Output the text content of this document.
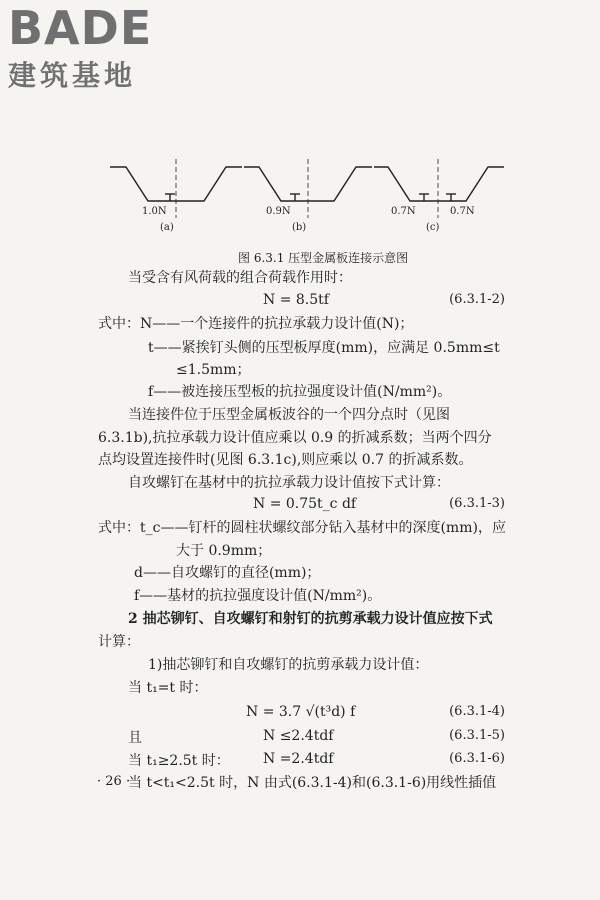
BADE
建筑基地
1.0N	0.9N	0.7N	0.7N
(a)	(b)	(c)
图 6.3.1 压型金属板连接示意图
当受含有风荷载的组合荷载作用时：
N = 8.5tf	(6.3.1-2)
式中：N——一个连接件的抗拉承载力设计值(N)；
t——紧挨钉头侧的压型板厚度(mm)，应满足 0.5mm≤t
≤1.5mm；
f——被连接压型板的抗拉强度设计值(N/mm²)。
当连接件位于压型金属板波谷的一个四分点时（见图
6.3.1b),抗拉承载力设计值应乘以 0.9 的折减系数；当两个四分
点均设置连接件时(见图 6.3.1c),则应乘以 0.7 的折减系数。
自攻螺钉在基材中的抗拉承载力设计值按下式计算：
N = 0.75t_c df	(6.3.1-3)
式中：t_c——钉杆的圆柱状螺纹部分钻入基材中的深度(mm)，应
大于 0.9mm；
d——自攻螺钉的直径(mm)；
f——基材的抗拉强度设计值(N/mm²)。
2 抽芯铆钉、自攻螺钉和射钉的抗剪承载力设计值应按下式
计算：
1)抽芯铆钉和自攻螺钉的抗剪承载力设计值：
当 t₁=t 时：
N = 3.7 √(t³d) f	(6.3.1-4)
且	N ≤2.4tdf	(6.3.1-5)
当 t₁≥2.5t 时：	N =2.4tdf	(6.3.1-6)
当 t<t₁<2.5t 时，N 由式(6.3.1-4)和(6.3.1-6)用线性插值
· 26 ·
